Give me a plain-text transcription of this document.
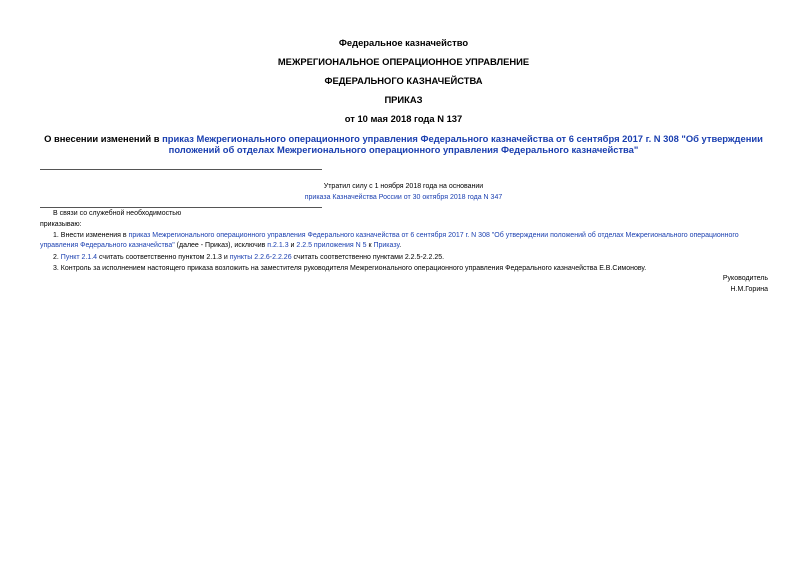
Федеральное казначейство

МЕЖРЕГИОНАЛЬНОЕ ОПЕРАЦИОННОЕ УПРАВЛЕНИЕ

ФЕДЕРАЛЬНОГО КАЗНАЧЕЙСТВА

ПРИКАЗ

от 10 мая 2018 года N 137

О внесении изменений в приказ Межрегионального операционного управления Федерального казначейства от 6 сентября 2017 г. N 308 "Об утверждении положений об отделах Межрегионального операционного управления Федерального казначейства"

Утратил силу с 1 ноября 2018 года на основании

приказа Казначейства России от 30 октября 2018 года N 347

В связи со служебной необходимостью

приказываю:

1. Внести изменения в приказ Межрегионального операционного управления Федерального казначейства от 6 сентября 2017 г. N 308 "Об утверждении положений об отделах Межрегионального операционного управления Федерального казначейства" (далее - Приказ), исключив п.2.1.3 и 2.2.5 приложения N 5 к Приказу.

2. Пункт 2.1.4 считать соответственно пунктом 2.1.3 и пункты 2.2.6-2.2.26 считать соответственно пунктами 2.2.5-2.2.25.

3. Контроль за исполнением настоящего приказа возложить на заместителя руководителя Межрегионального операционного управления Федерального казначейства Е.В.Симонову.

Руководитель

Н.М.Горина
